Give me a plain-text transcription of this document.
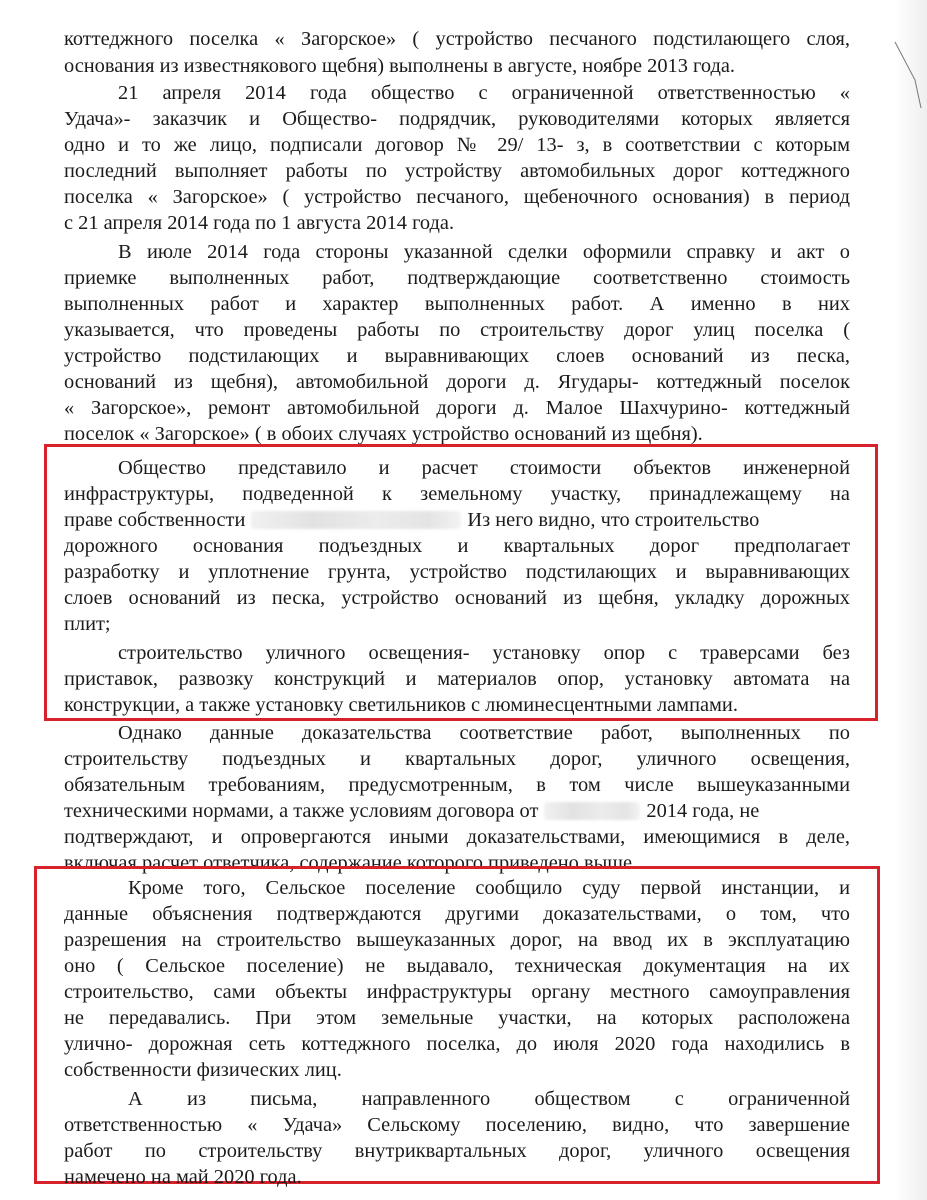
коттеджного поселка « Загорское» ( устройство песчаного подстилающего слоя,
основания из известнякового щебня) выполнены в августе, ноябре 2013 года.
21 апреля 2014 года общество с ограниченной ответственностью «
Удача»- заказчик и Общество- подрядчик, руководителями которых является
одно и то же лицо, подписали договор № 29/ 13- з, в соответствии с которым
последний выполняет работы по устройству автомобильных дорог коттеджного
поселка « Загорское» ( устройство песчаного, щебеночного основания) в период
с 21 апреля 2014 года по 1 августа 2014 года.
В июле 2014 года стороны указанной сделки оформили справку и акт о
приемке выполненных работ, подтверждающие соответственно стоимость
выполненных работ и характер выполненных работ. А именно в них
указывается, что проведены работы по строительству дорог улиц поселка (
устройство подстилающих и выравнивающих слоев оснований из песка,
оснований из щебня), автомобильной дороги д. Ягудары- коттеджный поселок
« Загорское», ремонт автомобильной дороги д. Малое Шахчурино- коттеджный
поселок « Загорское» ( в обоих случаях устройство оснований из щебня).
Общество представило и расчет стоимости объектов инженерной
инфраструктуры, подведенной к земельному участку, принадлежащему на
праве собственности	Из него видно, что строительство
дорожного основания подъездных и квартальных дорог предполагает
разработку и уплотнение грунта, устройство подстилающих и выравнивающих
слоев оснований из песка, устройство оснований из щебня, укладку дорожных
плит;
строительство уличного освещения- установку опор с траверсами без
приставок, развозку конструкций и материалов опор, установку автомата на
конструкции, а также установку светильников с люминесцентными лампами.
Однако данные доказательства соответствие работ, выполненных по
строительству подъездных и квартальных дорог, уличного освещения,
обязательным требованиям, предусмотренным, в том числе вышеуказанными
техническими нормами, а также условиям договора от	2014 года, не
подтверждают, и опровергаются иными доказательствами, имеющимися в деле,
включая расчет ответчика, содержание которого приведено выше.
Кроме того, Сельское поселение сообщило суду первой инстанции, и
данные объяснения подтверждаются другими доказательствами, о том, что
разрешения на строительство вышеуказанных дорог, на ввод их в эксплуатацию
оно ( Сельское поселение) не выдавало, техническая документация на их
строительство, сами объекты инфраструктуры органу местного самоуправления
не передавались. При этом земельные участки, на которых расположена
улично- дорожная сеть коттеджного поселка, до июля 2020 года находились в
собственности физических лиц.
А из письма, направленного обществом с ограниченной
ответственностью « Удача» Сельскому поселению, видно, что завершение
работ по строительству внутриквартальных дорог, уличного освещения
намечено на май 2020 года.
